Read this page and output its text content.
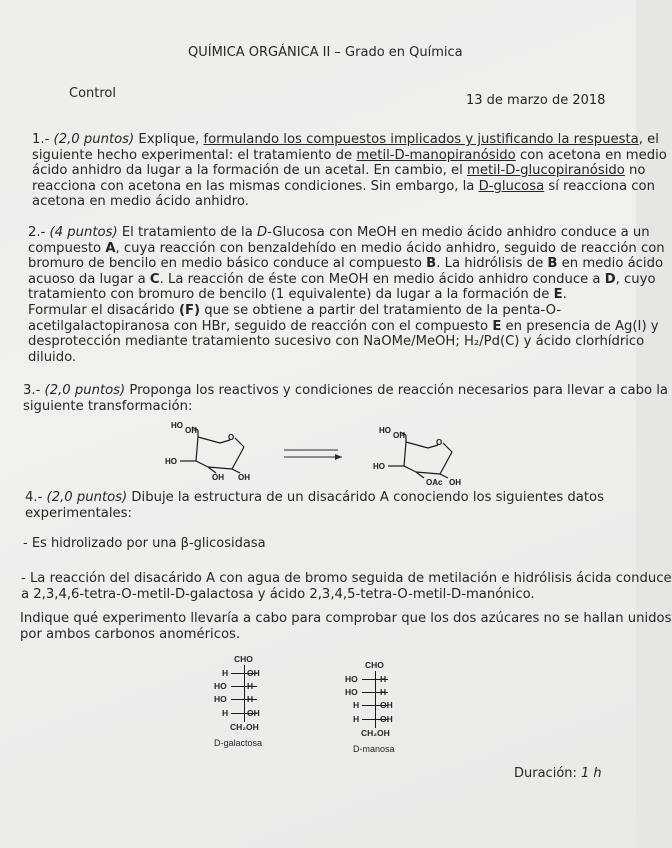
QUÍMICA ORGÁNICA II – Grado en Química
Control	13 de marzo de 2018
1.- (2,0 puntos) Explique, formulando los compuestos implicados y justificando la respuesta, el
siguiente hecho experimental: el tratamiento de metil-D-manopiranósido con acetona en medio
ácido anhidro da lugar a la formación de un acetal. En cambio, el metil-D-glucopiranósido no
reacciona con acetona en las mismas condiciones. Sin embargo, la D-glucosa sí reacciona con
acetona en medio ácido anhidro.
2.- (4 puntos) El tratamiento de la D-Glucosa con MeOH en medio ácido anhidro conduce a un
compuesto A, cuya reacción con benzaldehído en medio ácido anhidro, seguido de reacción con
bromuro de bencilo en medio básico conduce al compuesto B. La hidrólisis de B en medio ácido
acuoso da lugar a C. La reacción de éste con MeOH en medio ácido anhidro conduce a D, cuyo
tratamiento con bromuro de bencilo (1 equivalente) da lugar a la formación de E.
Formular el disacárido (F) que se obtiene a partir del tratamiento de la penta-O-
acetilgalactopiranosa con HBr, seguido de reacción con el compuesto E en presencia de Ag(I) y
desprotección mediante tratamiento sucesivo con NaOMe/MeOH; H₂/Pd(C) y ácido clorhídrico
diluido.
3.- (2,0 puntos) Proponga los reactivos y condiciones de reacción necesarios para llevar a cabo la
siguiente transformación:
HO
OH
O
HO
OH OH
HO
OH
O
HO
OAc OH
4.- (2,0 puntos) Dibuje la estructura de un disacárido A conociendo los siguientes datos
experimentales:
- Es hidrolizado por una β-glicosidasa
- La reacción del disacárido A con agua de bromo seguida de metilación e hidrólisis ácida conduce
a 2,3,4,6-tetra-O-metil-D-galactosa y ácido 2,3,4,5-tetra-O-metil-D-manónico.
Indique qué experimento llevaría a cabo para comprobar que los dos azúcares no se hallan unidos
por ambos carbonos anoméricos.
CHO
H OH
HO H
HO H
H OH
CH₂OH
D-galactosa
CHO
HO	H
HO	H
H OH
H OH
CH₂OH
D-manosa
Duración: 1 h
